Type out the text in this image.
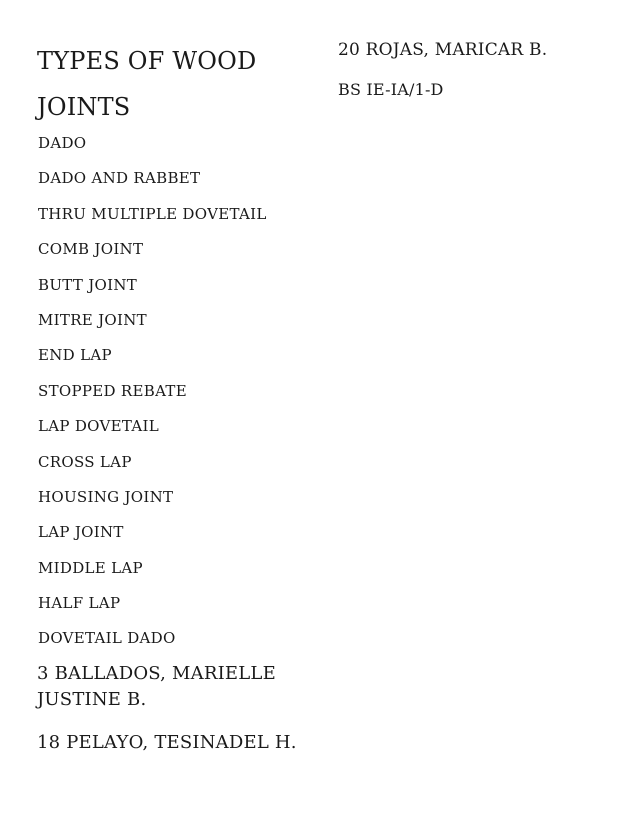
TYPES OF WOOD
JOINTS
DADO
DADO AND RABBET
THRU MULTIPLE DOVETAIL
COMB JOINT
BUTT JOINT
MITRE JOINT
END LAP
STOPPED REBATE
LAP DOVETAIL
CROSS LAP
HOUSING JOINT
LAP JOINT
MIDDLE LAP
HALF LAP
DOVETAIL DADO

3 BALLADOS, MARIELLE
JUSTINE B.

18 PELAYO, TESINADEL H.

20 ROJAS, MARICAR B.
BS IE-IA/1-D
